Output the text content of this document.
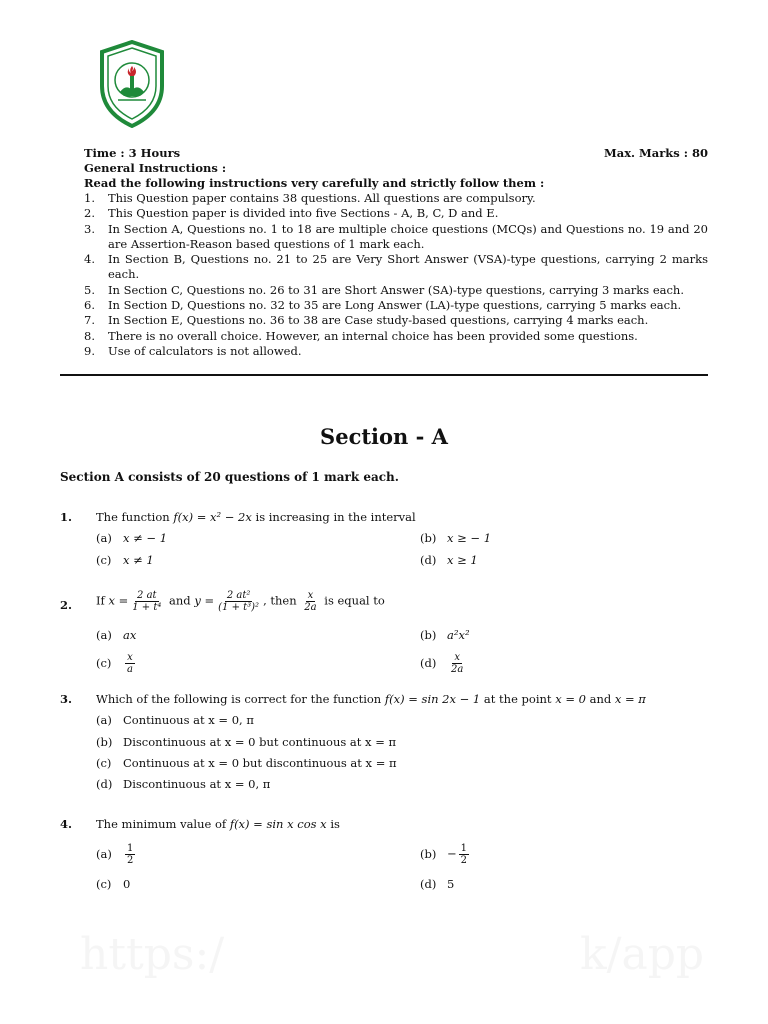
Time : 3 Hours	Max. Marks : 80
General Instructions :
Read the following instructions very carefully and strictly follow them :
1.	This Question paper contains 38 questions. All questions are compulsory.
2.	This Question paper is divided into five Sections - A, B, C, D and E.
3.	In Section A, Questions no. 1 to 18 are multiple choice questions (MCQs) and Questions no. 19 and 20 are Assertion-Reason based questions of 1 mark each.
4.	In Section B, Questions no. 21 to 25 are Very Short Answer (VSA)-type questions, carrying 2 marks each.
5.	In Section C, Questions no. 26 to 31 are Short Answer (SA)-type questions, carrying 3 marks each.
6.	In Section D, Questions no. 32 to 35 are Long Answer (LA)-type questions, carrying 5 marks each.
7.	In Section E, Questions no. 36 to 38 are Case study-based questions, carrying 4 marks each.
8.	There is no overall choice. However, an internal choice has been provided some questions.
9.	Use of calculators is not allowed.
Section - A
Section A consists of 20 questions of 1 mark each.
1. The function f(x) = x² − 2x is increasing in the interval
(a) x ≠ − 1	(b) x ≥ − 1
(c) x ≠ 1	(d) x ≥ 1
2. If $x = \frac{2 at}{\text{1 + t⁴}}$ and $y = \frac{\text{2 at²}}{\text{(1 + t³)²}}$ , then $\frac{x}{2a}$ is equal to
(a) ax	(b) a²x²
$(c) \frac{x}{a}$	$(d) \frac{x}{2a}$
3. Which of the following is correct for the function f(x) = sin 2x − 1 at the point x = 0 and x = π
(a) Continuous at x = 0, π
(b) Discontinuous at x = 0 but continuous at x = π
(c) Continuous at x = 0 but discontinuous at x = π
(d) Discontinuous at x = 0, π
4. The minimum value of f(x) = sin x cos x is
$(a) \frac{1}{2}$	$(b) - \frac{1}{2}$
(c) 0	(d) 5
https:/	k/app
